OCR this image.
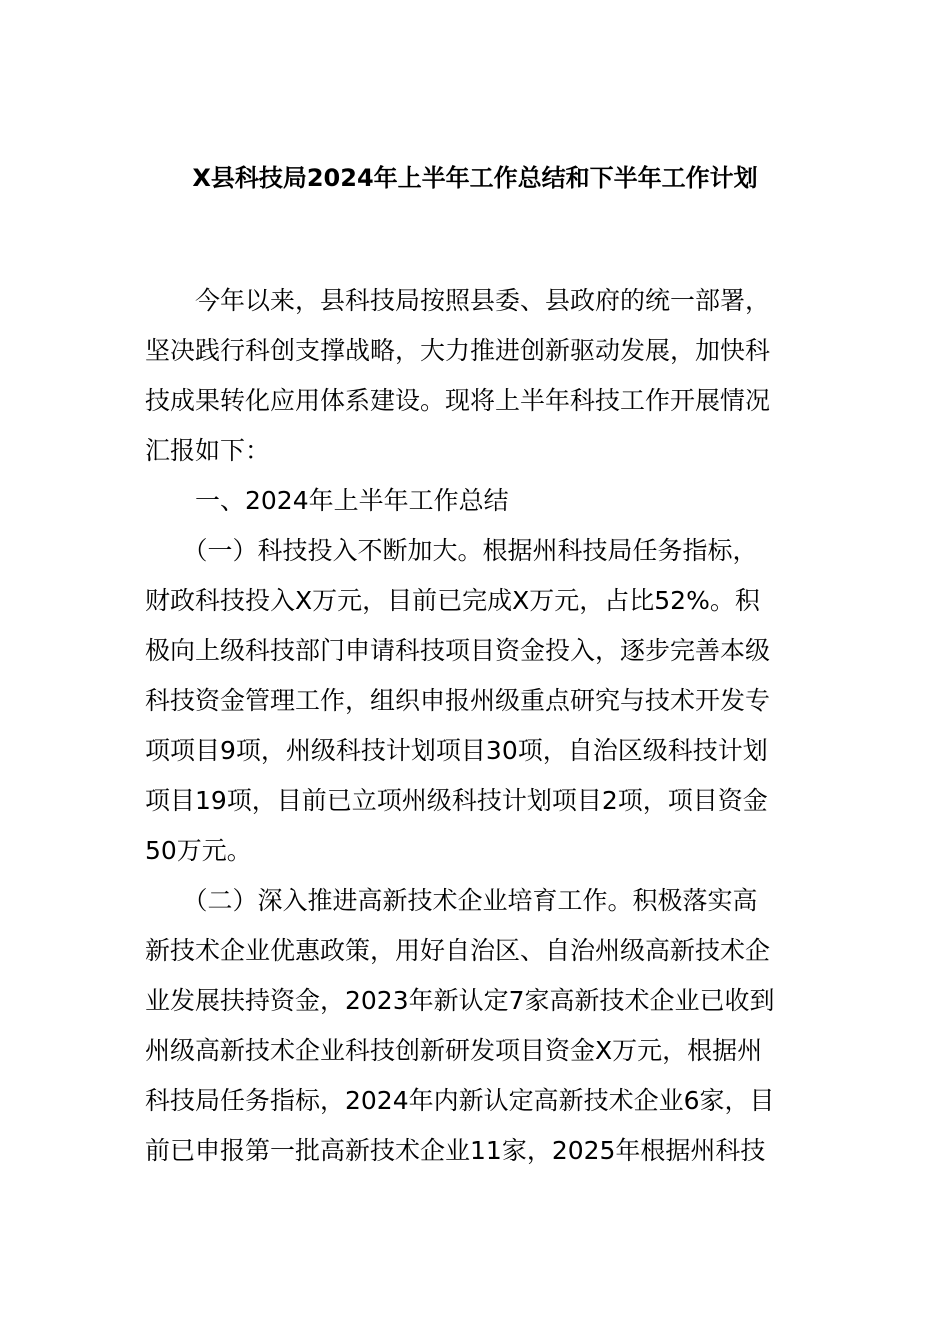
X县科技局2024年上半年工作总结和下半年工作计划
　　今年以来，县科技局按照县委、县政府的统一部署，
坚决践行科创支撑战略，大力推进创新驱动发展，加快科
技成果转化应用体系建设。现将上半年科技工作开展情况
汇报如下：
　　一、2024年上半年工作总结
　　（一）科技投入不断加大。根据州科技局任务指标，
财政科技投入X万元，目前已完成X万元，占比52%。积
极向上级科技部门申请科技项目资金投入，逐步完善本级
科技资金管理工作，组织申报州级重点研究与技术开发专
项项目9项，州级科技计划项目30项，自治区级科技计划
项目19项，目前已立项州级科技计划项目2项，项目资金
50万元。
　　（二）深入推进高新技术企业培育工作。积极落实高
新技术企业优惠政策，用好自治区、自治州级高新技术企
业发展扶持资金，2023年新认定7家高新技术企业已收到
州级高新技术企业科技创新研发项目资金X万元，根据州
科技局任务指标，2024年内新认定高新技术企业6家，目
前已申报第一批高新技术企业11家，2025年根据州科技
